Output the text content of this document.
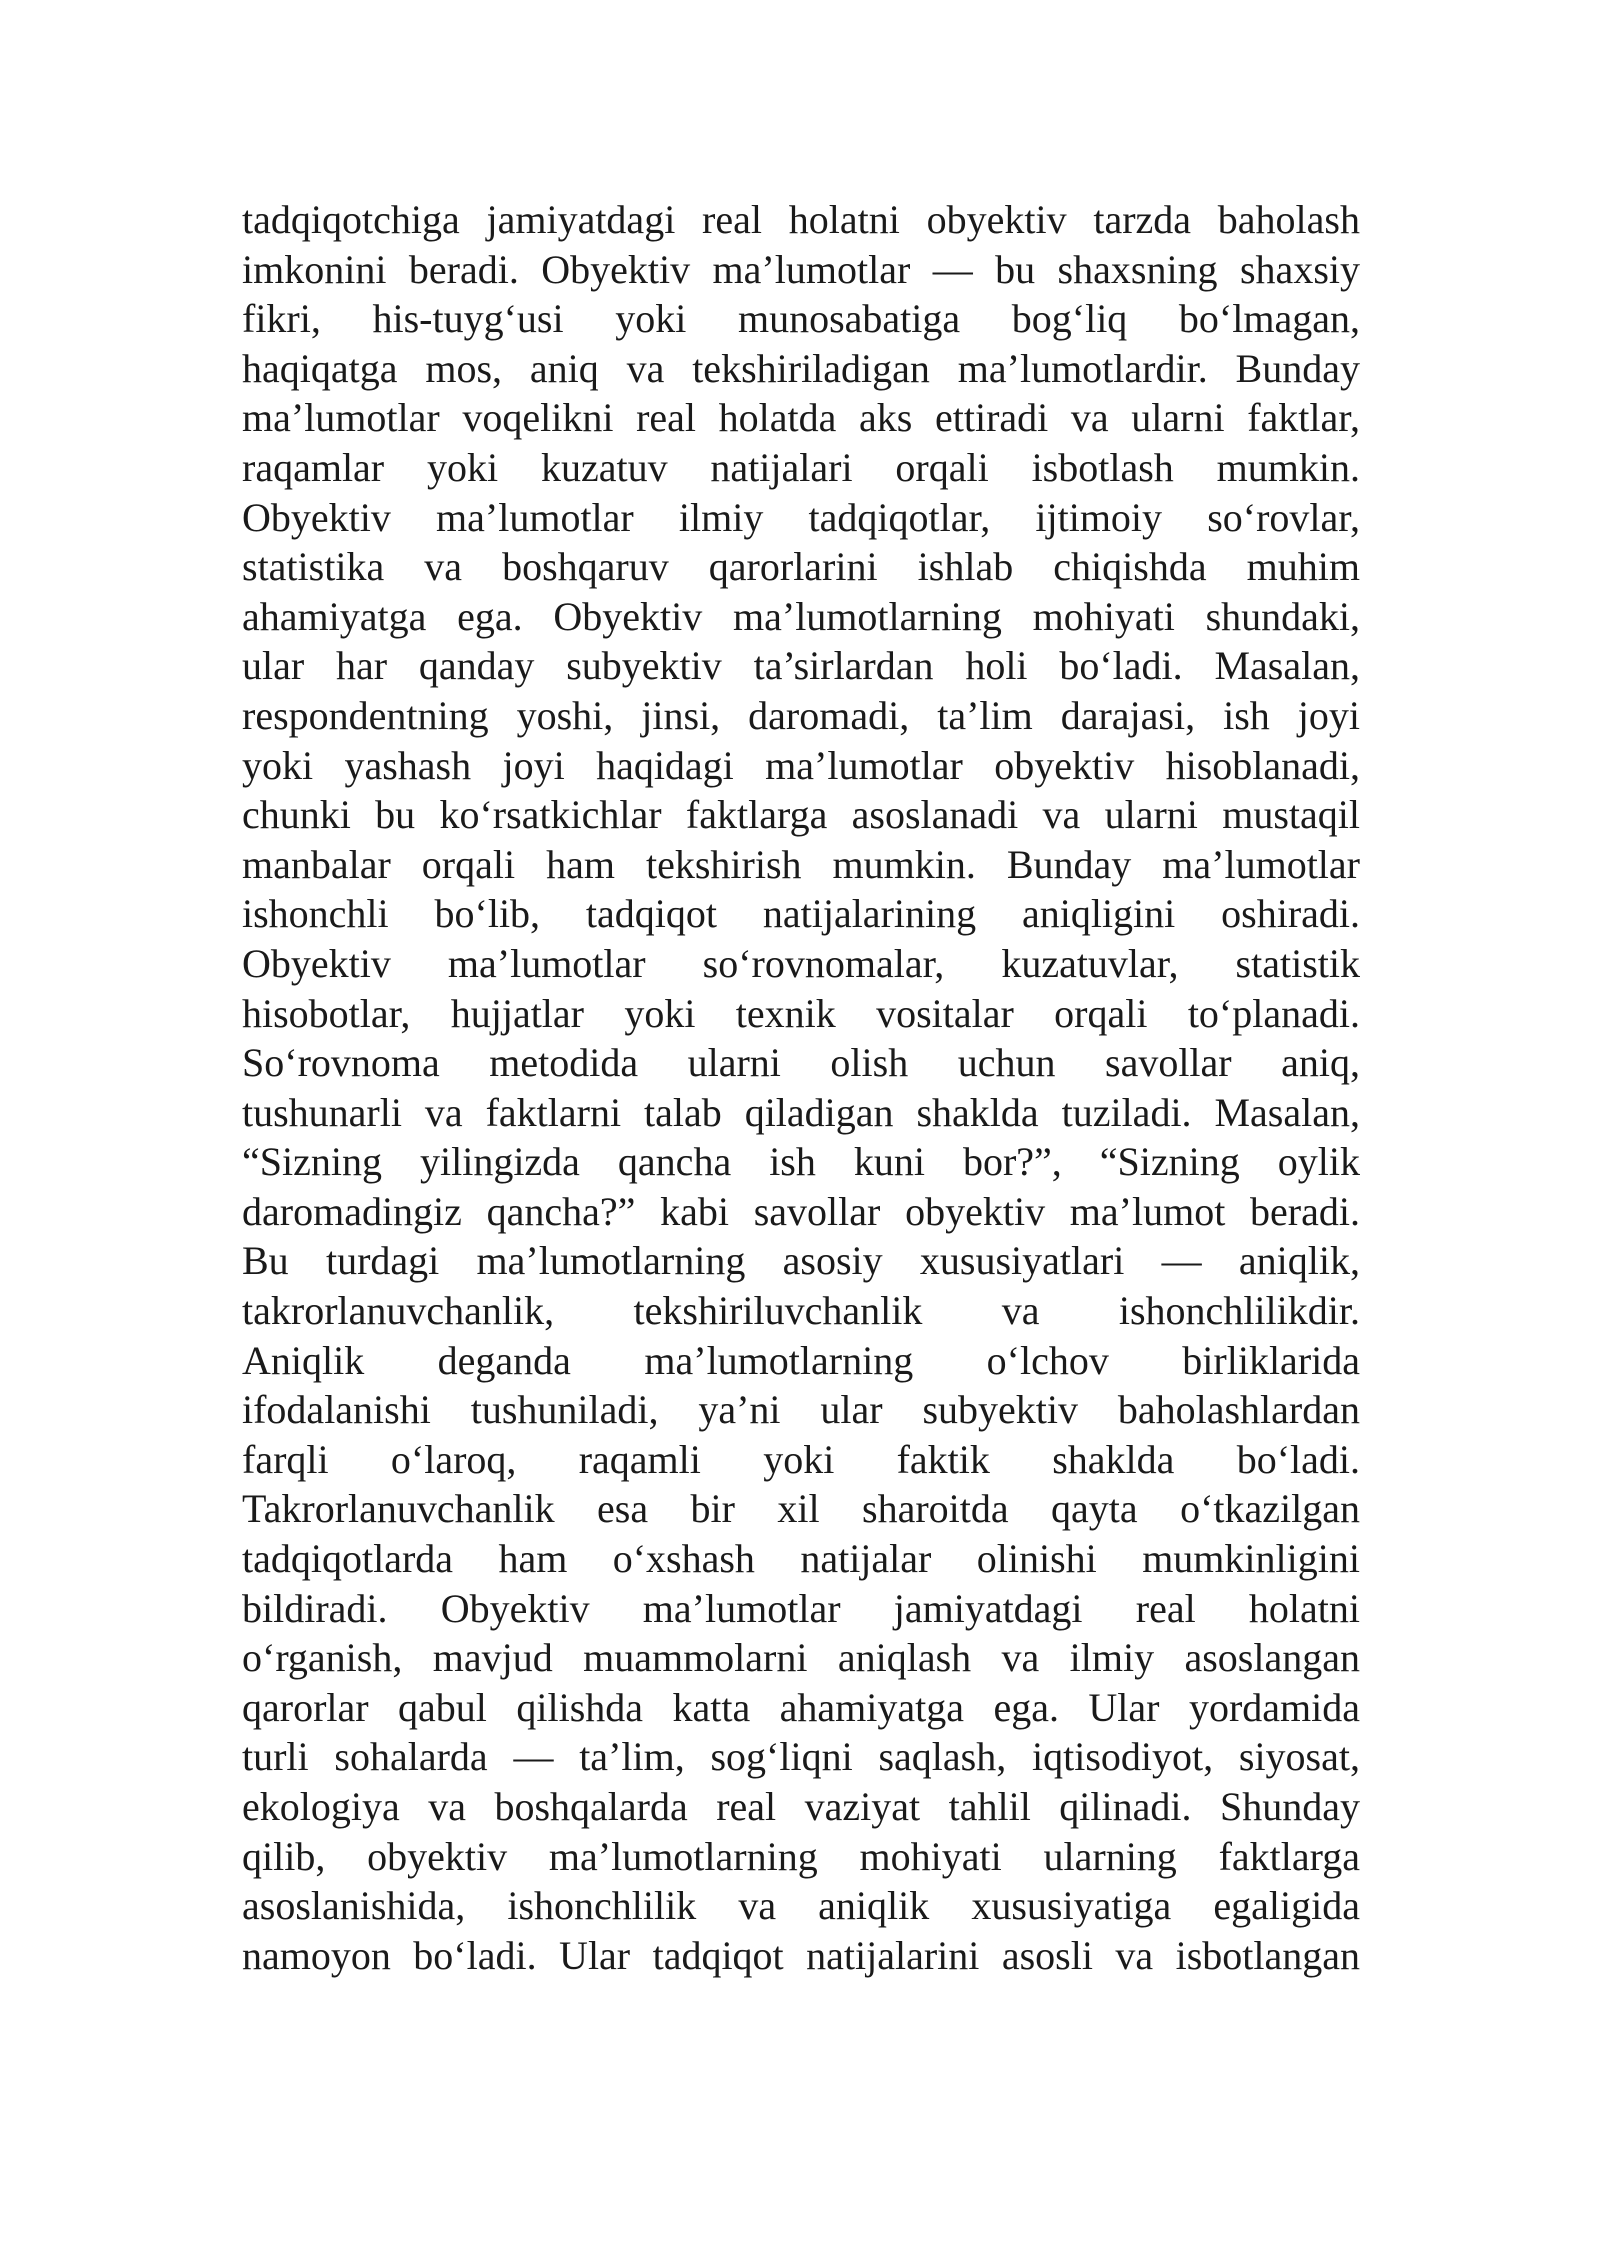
tadqiqotchiga jamiyatdagi real holatni obyektiv tarzda baholash
imkonini beradi. Obyektiv ma’lumotlar — bu shaxsning shaxsiy
fikri, his-tuyg‘usi yoki munosabatiga bog‘liq bo‘lmagan,
haqiqatga mos, aniq va tekshiriladigan ma’lumotlardir. Bunday
ma’lumotlar voqelikni real holatda aks ettiradi va ularni faktlar,
raqamlar yoki kuzatuv natijalari orqali isbotlash mumkin.
Obyektiv ma’lumotlar ilmiy tadqiqotlar, ijtimoiy so‘rovlar,
statistika va boshqaruv qarorlarini ishlab chiqishda muhim
ahamiyatga ega. Obyektiv ma’lumotlarning mohiyati shundaki,
ular har qanday subyektiv ta’sirlardan holi bo‘ladi. Masalan,
respondentning yoshi, jinsi, daromadi, ta’lim darajasi, ish joyi
yoki yashash joyi haqidagi ma’lumotlar obyektiv hisoblanadi,
chunki bu ko‘rsatkichlar faktlarga asoslanadi va ularni mustaqil
manbalar orqali ham tekshirish mumkin. Bunday ma’lumotlar
ishonchli bo‘lib, tadqiqot natijalarining aniqligini oshiradi.
Obyektiv ma’lumotlar so‘rovnomalar, kuzatuvlar, statistik
hisobotlar, hujjatlar yoki texnik vositalar orqali to‘planadi.
So‘rovnoma metodida ularni olish uchun savollar aniq,
tushunarli va faktlarni talab qiladigan shaklda tuziladi. Masalan,
“Sizning yilingizda qancha ish kuni bor?”, “Sizning oylik
daromadingiz qancha?” kabi savollar obyektiv ma’lumot beradi.
Bu turdagi ma’lumotlarning asosiy xususiyatlari — aniqlik,
takrorlanuvchanlik, tekshiriluvchanlik va ishonchlilikdir.
Aniqlik deganda ma’lumotlarning o‘lchov birliklarida
ifodalanishi tushuniladi, ya’ni ular subyektiv baholashlardan
farqli o‘laroq, raqamli yoki faktik shaklda bo‘ladi.
Takrorlanuvchanlik esa bir xil sharoitda qayta o‘tkazilgan
tadqiqotlarda ham o‘xshash natijalar olinishi mumkinligini
bildiradi. Obyektiv ma’lumotlar jamiyatdagi real holatni
o‘rganish, mavjud muammolarni aniqlash va ilmiy asoslangan
qarorlar qabul qilishda katta ahamiyatga ega. Ular yordamida
turli sohalarda — ta’lim, sog‘liqni saqlash, iqtisodiyot, siyosat,
ekologiya va boshqalarda real vaziyat tahlil qilinadi. Shunday
qilib, obyektiv ma’lumotlarning mohiyati ularning faktlarga
asoslanishida, ishonchlilik va aniqlik xususiyatiga egaligida
namoyon bo‘ladi. Ular tadqiqot natijalarini asosli va isbotlangan
